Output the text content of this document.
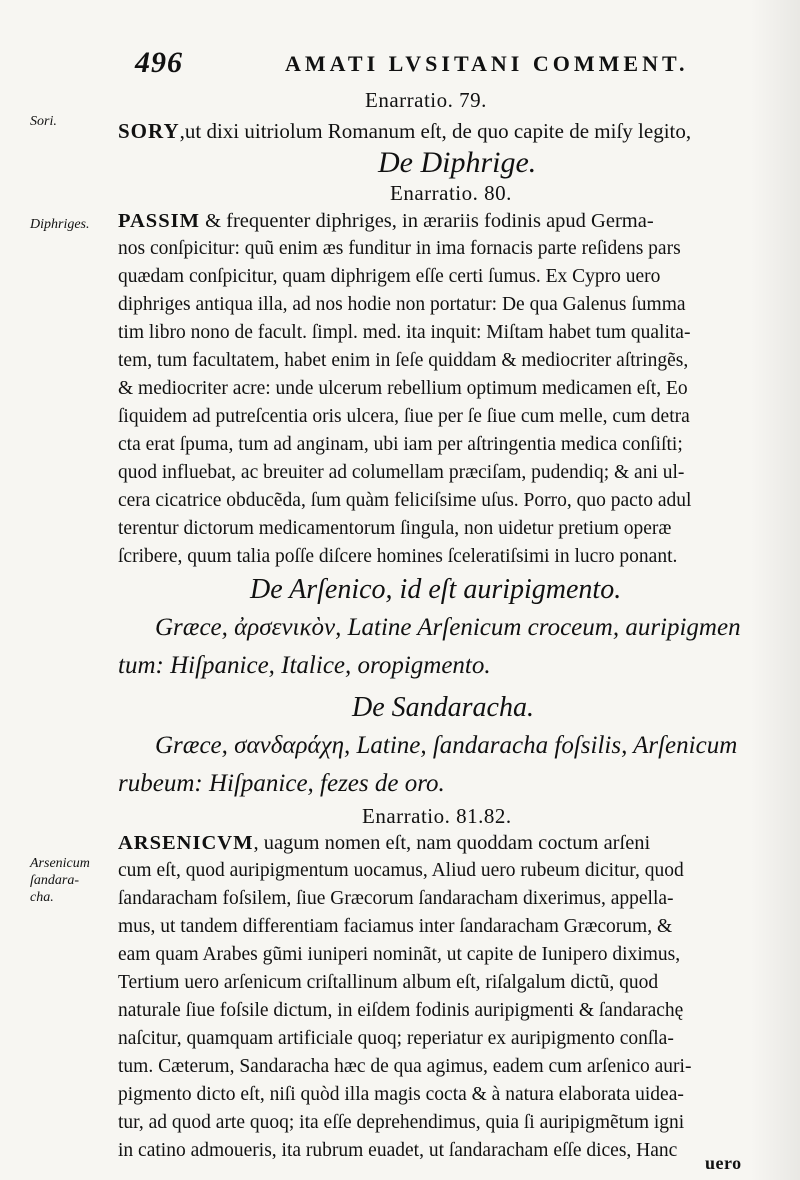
496	AMATI LVSITANI COMMENT.
Sori.
Diphriges.
Arsenicum
ſandara-
cha.
Enarratio. 79.
SORY,ut dixi uitriolum Romanum eſt, de quo capite de miſy legito,
De Diphrige.
Enarratio. 80.
PASSIM & frequenter diphriges, in ærariis fodinis apud Germa-
nos conſpicitur: quũ enim æs funditur in ima fornacis parte reſidens pars
quædam conſpicitur, quam diphrigem eſſe certi ſumus. Ex Cypro uero
diphriges antiqua illa, ad nos hodie non portatur: De qua Galenus ſumma
tim libro nono de facult. ſimpl. med. ita inquit: Miſtam habet tum qualita-
tem, tum facultatem, habet enim in ſeſe quiddam & mediocriter aſtringẽs,
& mediocriter acre: unde ulcerum rebellium optimum medicamen eſt, Eo
ſiquidem ad putreſcentia oris ulcera, ſiue per ſe ſiue cum melle, cum detra
cta erat ſpuma, tum ad anginam, ubi iam per aſtringentia medica conſiſti;
quod influebat, ac breuiter ad columellam præciſam, pudendiq; & ani ul-
cera cicatrice obducẽda, ſum quàm feliciſsime uſus. Porro, quo pacto adul
terentur dictorum medicamentorum ſingula, non uidetur pretium operæ
ſcribere, quum talia poſſe diſcere homines ſceleratiſsimi in lucro ponant.
De Arſenico, id eſt auripigmento.
Græce, ἀρσενικὸν, Latine Arſenicum croceum, auripigmen
tum: Hiſpanice, Italice, oropigmento.
De Sandaracha.
Græce, σανδαράχη, Latine, ſandaracha foſsilis, Arſenicum
rubeum: Hiſpanice, fezes de oro.
Enarratio. 81.82.
ARSENICVM, uagum nomen eſt, nam quoddam coctum arſeni
cum eſt, quod auripigmentum uocamus, Aliud uero rubeum dicitur, quod
ſandaracham foſsilem, ſiue Græcorum ſandaracham dixerimus, appella-
mus, ut tandem differentiam faciamus inter ſandaracham Græcorum, &
eam quam Arabes gũmi iuniperi nominãt, ut capite de Iunipero diximus,
Tertium uero arſenicum criſtallinum album eſt, riſalgalum dictũ, quod
naturale ſiue foſsile dictum, in eiſdem fodinis auripigmenti & ſandarachę
naſcitur, quamquam artificiale quoq; reperiatur ex auripigmento conſla-
tum. Cæterum, Sandaracha hæc de qua agimus, eadem cum arſenico auri-
pigmento dicto eſt, niſi quòd illa magis cocta & à natura elaborata uidea-
tur, ad quod arte quoq; ita eſſe deprehendimus, quia ſi auripigmẽtum igni
in catino admoueris, ita rubrum euadet, ut ſandaracham eſſe dices, Hanc
uero
